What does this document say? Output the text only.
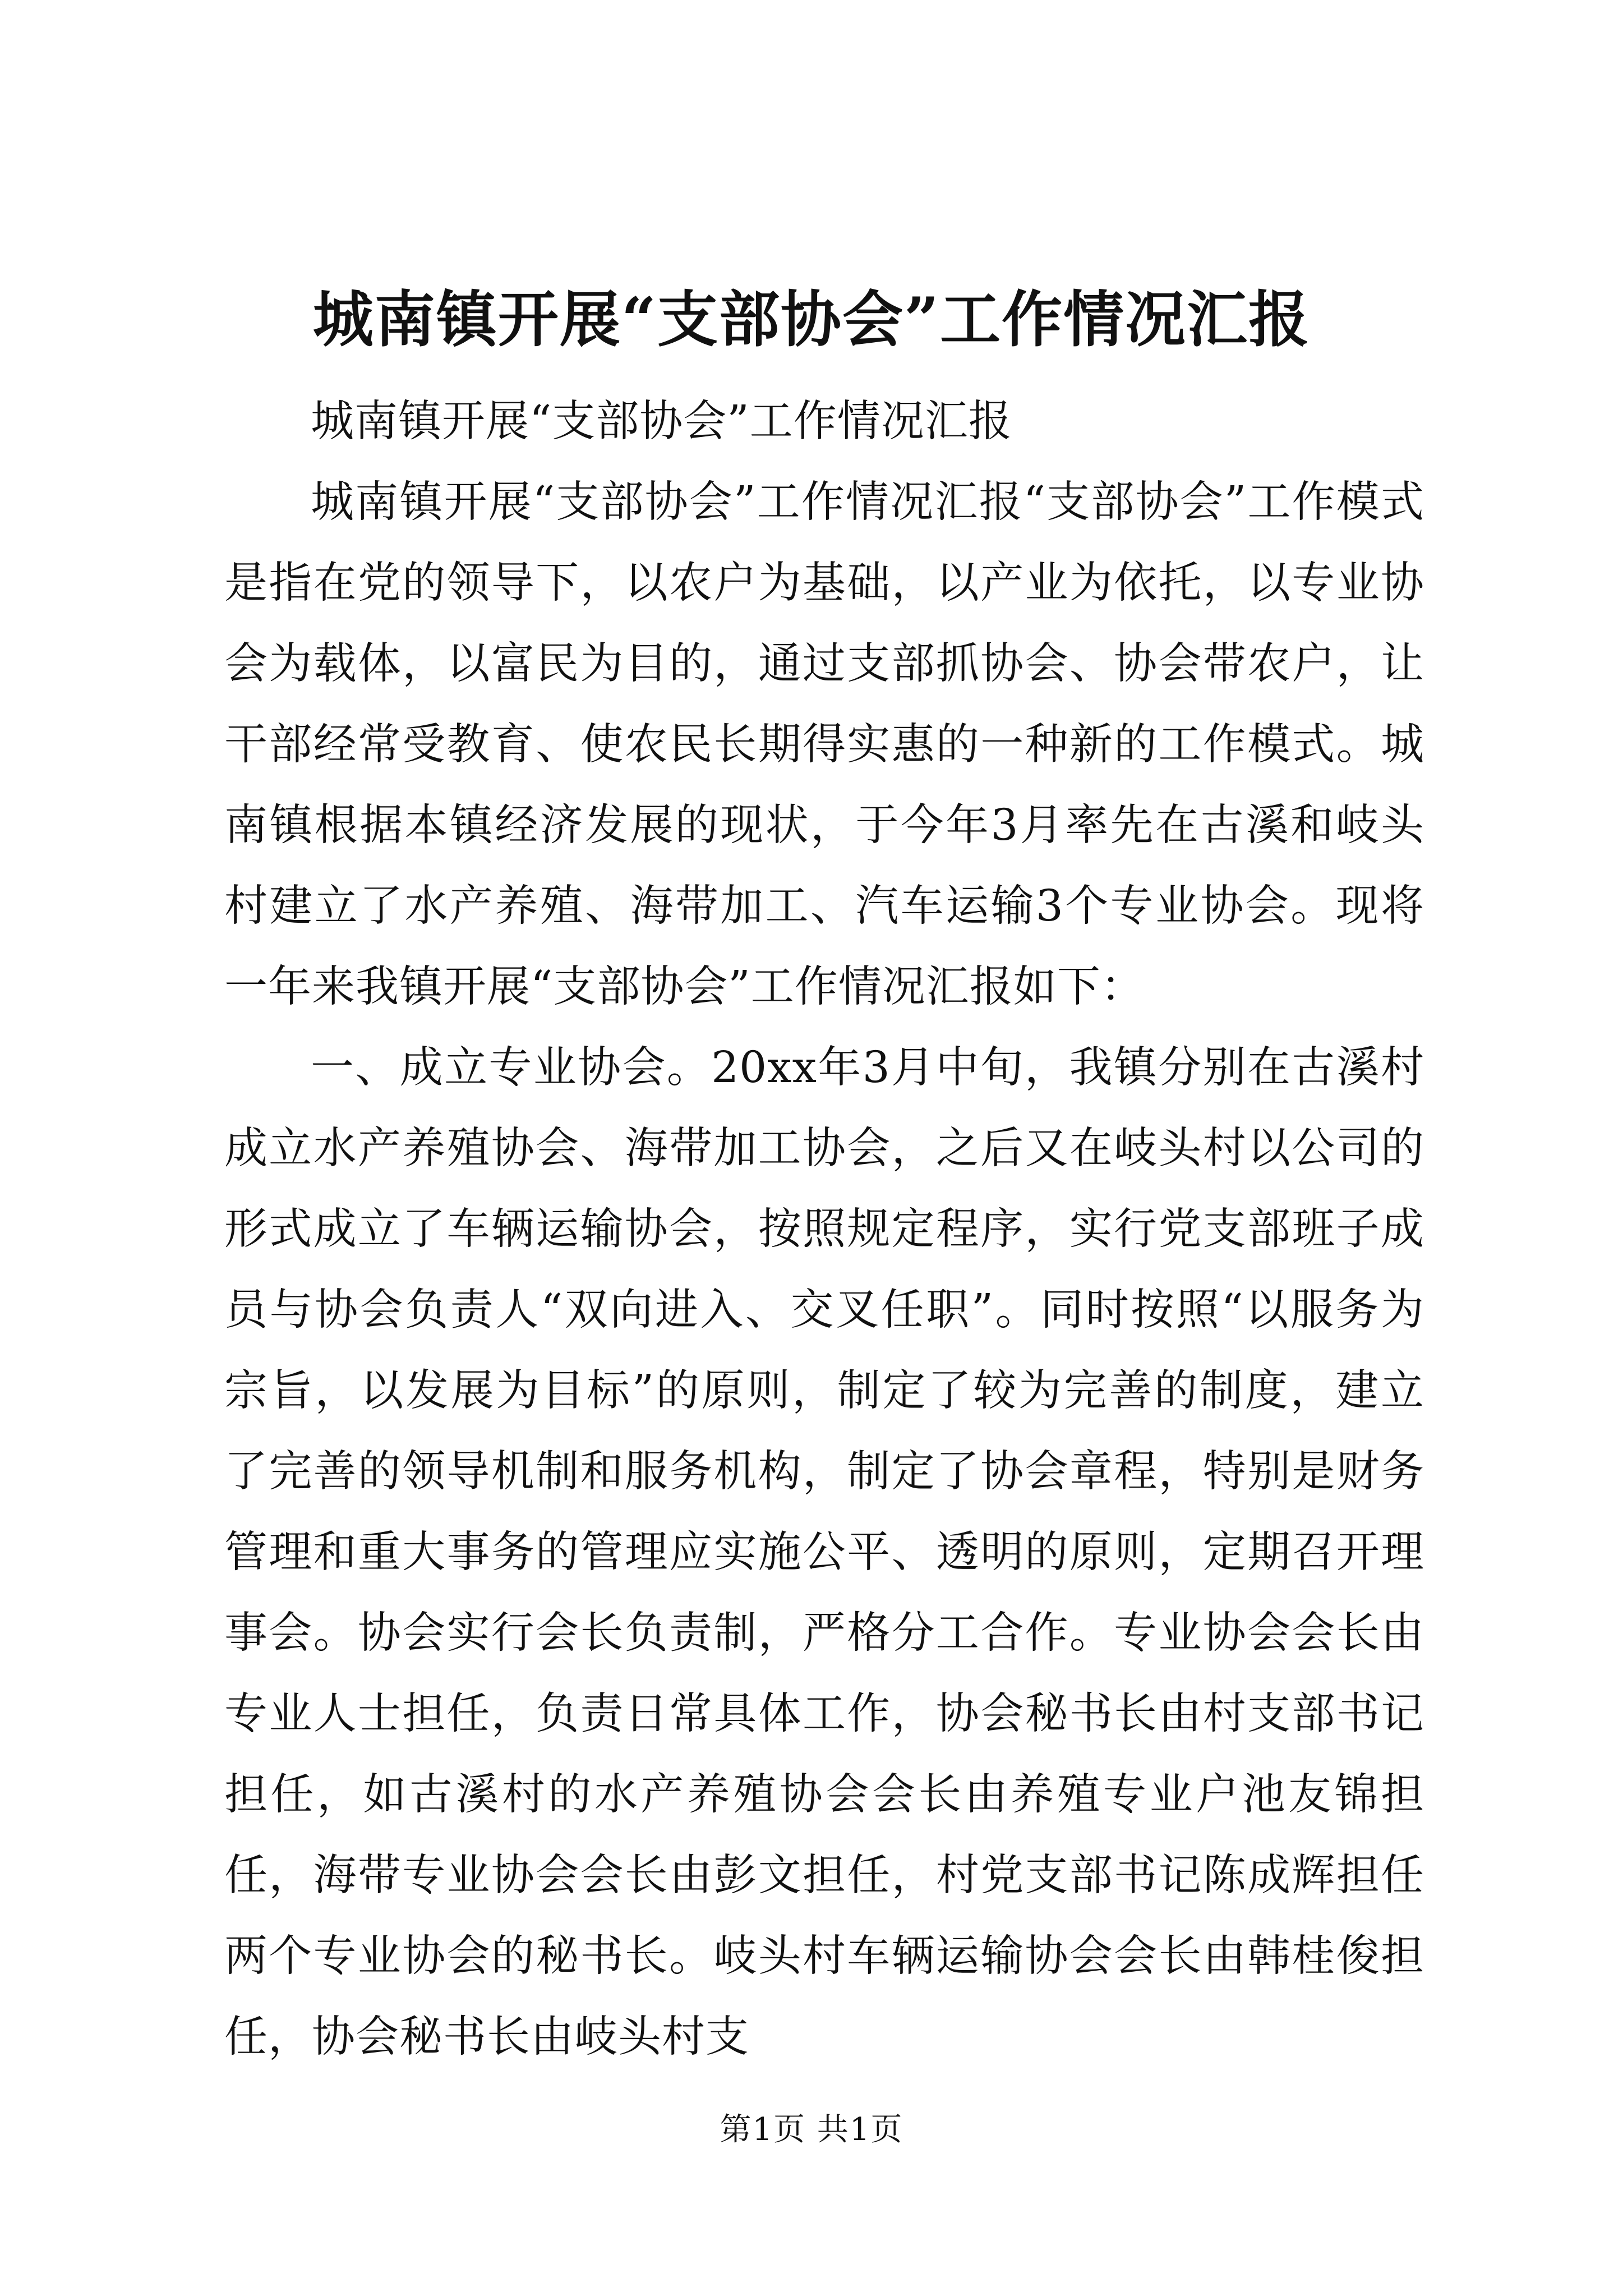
城南镇开展“支部协会”工作情况汇报

城南镇开展“支部协会”工作情况汇报

城南镇开展“支部协会”工作情况汇报“支部协会”工作模式是指在党的领导下，以农户为基础，以产业为依托，以专业协会为载体，以富民为目的，通过支部抓协会、协会带农户，让干部经常受教育、使农民长期得实惠的一种新的工作模式。城南镇根据本镇经济发展的现状，于今年3月率先在古溪和岐头村建立了水产养殖、海带加工、汽车运输3个专业协会。现将一年来我镇开展“支部协会”工作情况汇报如下：

一、成立专业协会。20xx年3月中旬，我镇分别在古溪村成立水产养殖协会、海带加工协会，之后又在岐头村以公司的形式成立了车辆运输协会，按照规定程序，实行党支部班子成员与协会负责人“双向进入、交叉任职”。同时按照“以服务为宗旨，以发展为目标”的原则，制定了较为完善的制度，建立了完善的领导机制和服务机构，制定了协会章程，特别是财务管理和重大事务的管理应实施公平、透明的原则，定期召开理事会。协会实行会长负责制，严格分工合作。专业协会会长由专业人士担任，负责日常具体工作，协会秘书长由村支部书记担任，如古溪村的水产养殖协会会长由养殖专业户池友锦担任，海带专业协会会长由彭文担任，村党支部书记陈成辉担任两个专业协会的秘书长。岐头村车辆运输协会会长由韩桂俊担任，协会秘书长由岐头村支

第1页 共1页
